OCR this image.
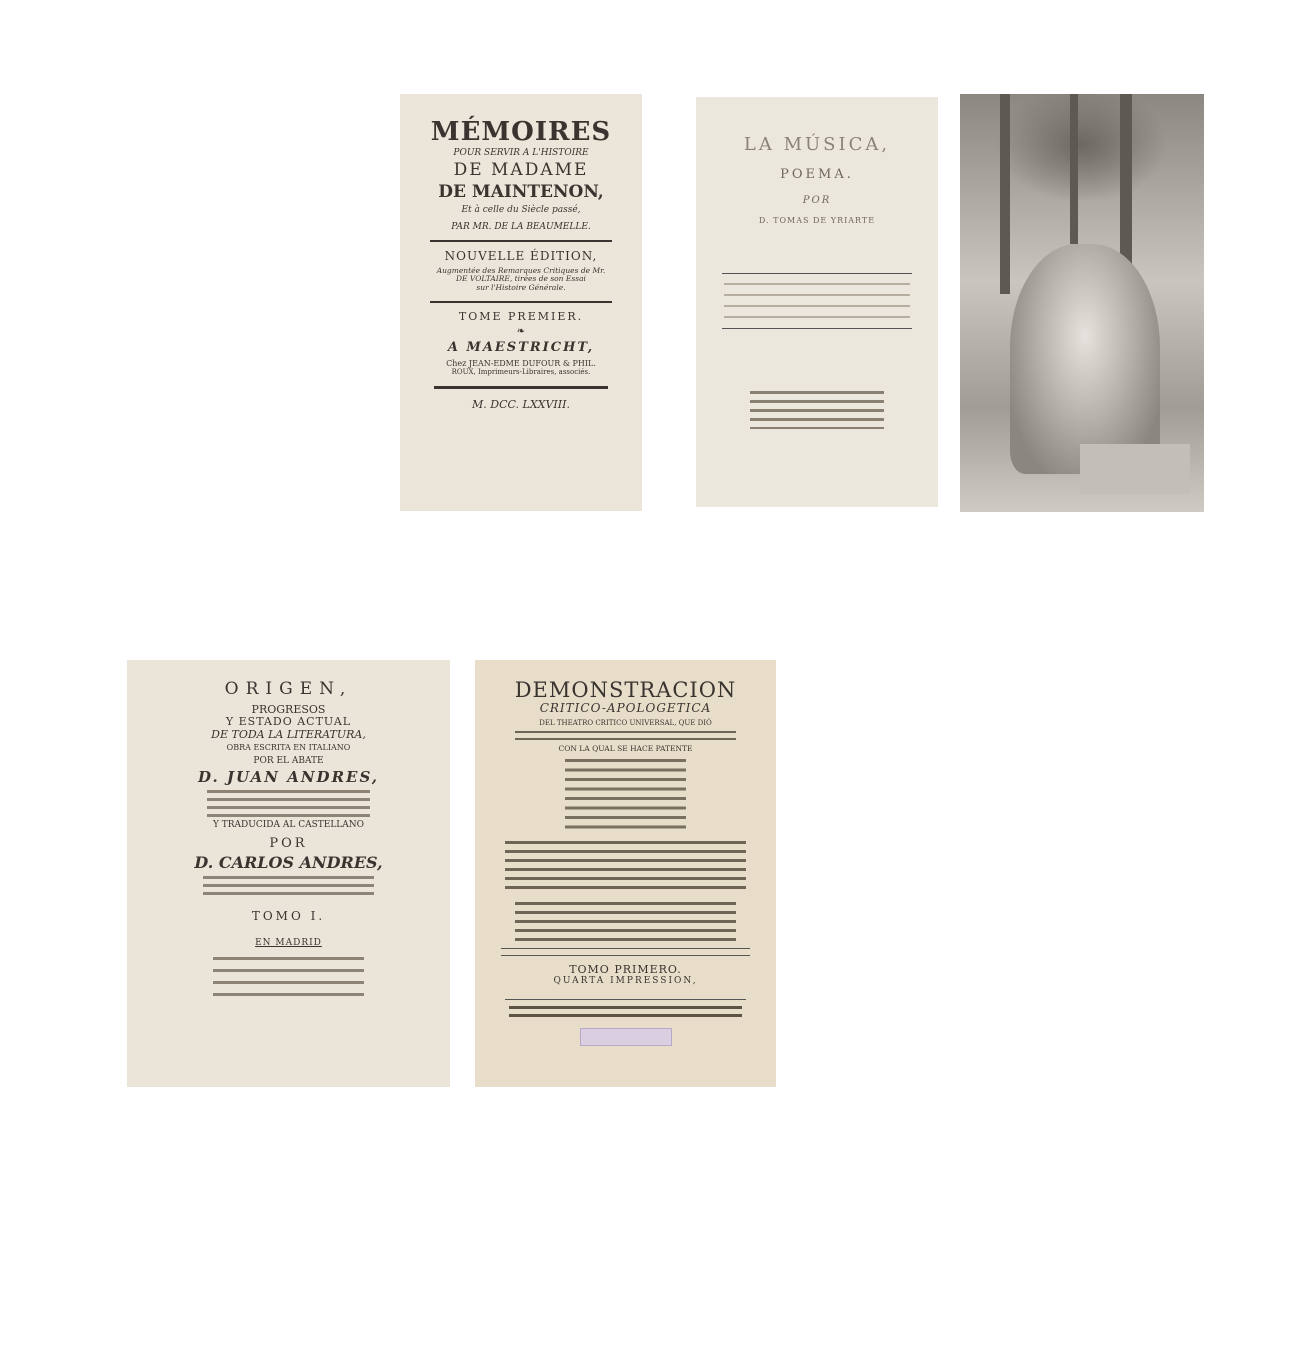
MÉMOIRES
POUR SERVIR A L'HISTOIRE
DE MADAME
DE MAINTENON,
Et à celle du Siècle passé,
PAR MR. DE LA BEAUMELLE.
NOUVELLE ÉDITION,
Augmentée des Remarques Critiques de Mr.
DE VOLTAIRE, tirées de son Essai
sur l'Histoire Générale.
TOME PREMIER.
❧
A MAESTRICHT,
Chez JEAN-EDME DUFOUR & PHIL.
ROUX, Imprimeurs-Libraires, associés.
M. DCC. LXXVIII.
LA MÚSICA,
POEMA.
POR
D. TOMAS DE YRIARTE
ORIGEN,
PROGRESOS
Y ESTADO ACTUAL
DE TODA LA LITERATURA,
OBRA ESCRITA EN ITALIANO
POR EL ABATE
D. JUAN ANDRES,
Y TRADUCIDA AL CASTELLANO
POR
D. CARLOS ANDRES,
TOMO I.
EN MADRID
DEMONSTRACION
CRITICO-APOLOGETICA
DEL THEATRO CRITICO UNIVERSAL, QUE DIÓ
CON LA QUAL SE HACE PATENTE
TOMO PRIMERO.
QUARTA IMPRESSION,
